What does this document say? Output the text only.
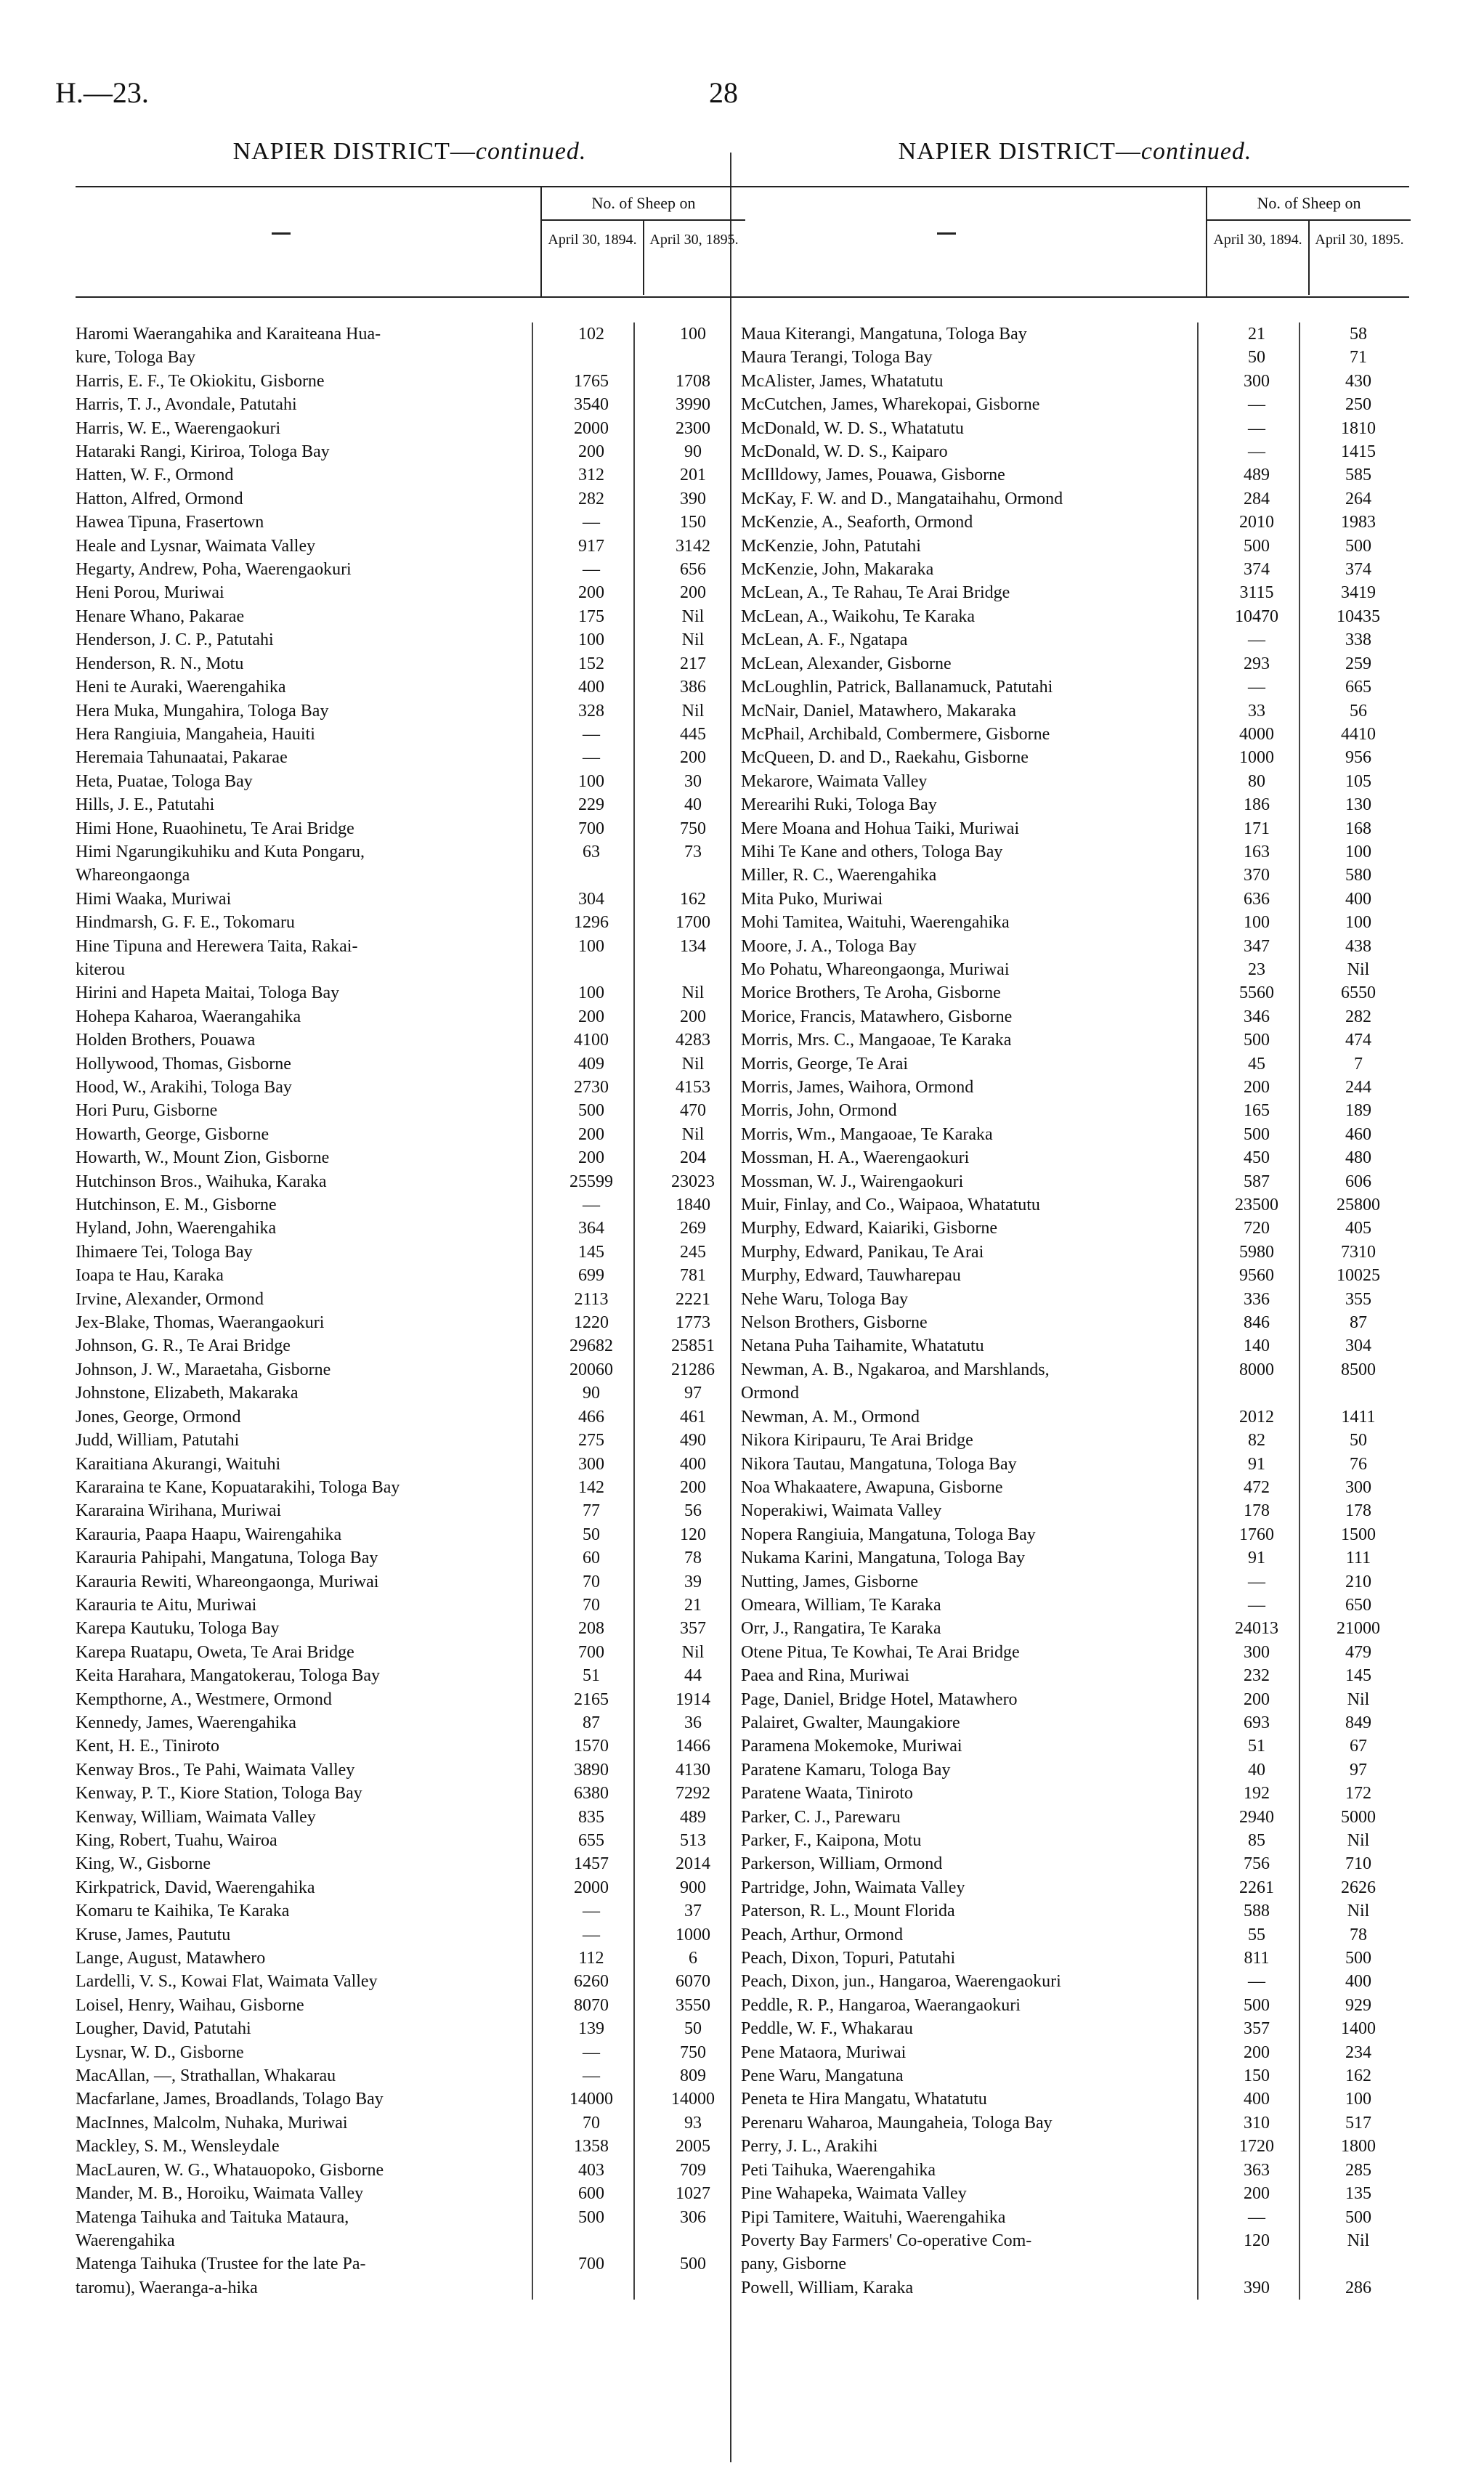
H.—23.	28
NAPIER DISTRICT—continued.
No. of Sheep on
April 30, 1894. April 30, 1895.
Haromi Waerangahika and Karaiteana Hua-	102	100
kure, Tologa Bay
Harris, E. F., Te Okiokitu, Gisborne	1765	1708
Harris, T. J., Avondale, Patutahi	3540	3990
Harris, W. E., Waerengaokuri	2000	2300
Hataraki Rangi, Kiriroa, Tologa Bay	200	90
Hatten, W. F., Ormond	312	201
Hatton, Alfred, Ormond	282	390
Hawea Tipuna, Frasertown	—	150
Heale and Lysnar, Waimata Valley	917	3142
Hegarty, Andrew, Poha, Waerengaokuri	—	656
Heni Porou, Muriwai	200	200
Henare Whano, Pakarae	175	Nil
Henderson, J. C. P., Patutahi	100	Nil
Henderson, R. N., Motu	152	217
Heni te Auraki, Waerengahika	400	386
Hera Muka, Mungahira, Tologa Bay	328	Nil
Hera Rangiuia, Mangaheia, Hauiti	—	445
Heremaia Tahunaatai, Pakarae	—	200
Heta, Puatae, Tologa Bay	100	30
Hills, J. E., Patutahi	229	40
Himi Hone, Ruaohinetu, Te Arai Bridge	700	750
Himi Ngarungikuhiku and Kuta Pongaru,	63	73
Whareongaonga
Himi Waaka, Muriwai	304	162
Hindmarsh, G. F. E., Tokomaru	1296	1700
Hine Tipuna and Herewera Taita, Rakai-	100	134
kiterou
Hirini and Hapeta Maitai, Tologa Bay	100	Nil
Hohepa Kaharoa, Waerangahika	200	200
Holden Brothers, Pouawa	4100	4283
Hollywood, Thomas, Gisborne	409	Nil
Hood, W., Arakihi, Tologa Bay	2730	4153
Hori Puru, Gisborne	500	470
Howarth, George, Gisborne	200	Nil
Howarth, W., Mount Zion, Gisborne	200	204
Hutchinson Bros., Waihuka, Karaka	25599	23023
Hutchinson, E. M., Gisborne	—	1840
Hyland, John, Waerengahika	364	269
Ihimaere Tei, Tologa Bay	145	245
Ioapa te Hau, Karaka	699	781
Irvine, Alexander, Ormond	2113	2221
Jex-Blake, Thomas, Waerangaokuri	1220	1773
Johnson, G. R., Te Arai Bridge	29682	25851
Johnson, J. W., Maraetaha, Gisborne	20060	21286
Johnstone, Elizabeth, Makaraka	90	97
Jones, George, Ormond	466	461
Judd, William, Patutahi	275	490
Karaitiana Akurangi, Waituhi	300	400
Kararaina te Kane, Kopuatarakihi, Tologa Bay	142	200
Kararaina Wirihana, Muriwai	77	56
Karauria, Paapa Haapu, Wairengahika	50	120
Karauria Pahipahi, Mangatuna, Tologa Bay	60	78
Karauria Rewiti, Whareongaonga, Muriwai	70	39
Karauria te Aitu, Muriwai	70	21
Karepa Kautuku, Tologa Bay	208	357
Karepa Ruatapu, Oweta, Te Arai Bridge	700	Nil
Keita Harahara, Mangatokerau, Tologa Bay	51	44
Kempthorne, A., Westmere, Ormond	2165	1914
Kennedy, James, Waerengahika	87	36
Kent, H. E., Tiniroto	1570	1466
Kenway Bros., Te Pahi, Waimata Valley	3890	4130
Kenway, P. T., Kiore Station, Tologa Bay	6380	7292
Kenway, William, Waimata Valley	835	489
King, Robert, Tuahu, Wairoa	655	513
King, W., Gisborne	1457	2014
Kirkpatrick, David, Waerengahika	2000	900
Komaru te Kaihika, Te Karaka	—	37
Kruse, James, Paututu	—	1000
Lange, August, Matawhero	112	6
Lardelli, V. S., Kowai Flat, Waimata Valley	6260	6070
Loisel, Henry, Waihau, Gisborne	8070	3550
Lougher, David, Patutahi	139	50
Lysnar, W. D., Gisborne	—	750
MacAllan, —, Strathallan, Whakarau	—	809
Macfarlane, James, Broadlands, Tolago Bay	14000	14000
MacInnes, Malcolm, Nuhaka, Muriwai	70	93
Mackley, S. M., Wensleydale	1358	2005
MacLauren, W. G., Whatauopoko, Gisborne	403	709
Mander, M. B., Horoiku, Waimata Valley	600	1027
Matenga Taihuka and Taituka Mataura,	500	306
Waerengahika
Matenga Taihuka (Trustee for the late Pa-	700	500
taromu), Waeranga-a-hika
NAPIER DISTRICT—continued.
No. of Sheep on
April 30, 1894. April 30, 1895.
Maua Kiterangi, Mangatuna, Tologa Bay	21	58
Maura Terangi, Tologa Bay	50	71
McAlister, James, Whatatutu	300	430
McCutchen, James, Wharekopai, Gisborne	—	250
McDonald, W. D. S., Whatatutu	—	1810
McDonald, W. D. S., Kaiparo	—	1415
McIlldowy, James, Pouawa, Gisborne	489	585
McKay, F. W. and D., Mangataihahu, Ormond	284	264
McKenzie, A., Seaforth, Ormond	2010	1983
McKenzie, John, Patutahi	500	500
McKenzie, John, Makaraka	374	374
McLean, A., Te Rahau, Te Arai Bridge	3115	3419
McLean, A., Waikohu, Te Karaka	10470	10435
McLean, A. F., Ngatapa	—	338
McLean, Alexander, Gisborne	293	259
McLoughlin, Patrick, Ballanamuck, Patutahi	—	665
McNair, Daniel, Matawhero, Makaraka	33	56
McPhail, Archibald, Combermere, Gisborne	4000	4410
McQueen, D. and D., Raekahu, Gisborne	1000	956
Mekarore, Waimata Valley	80	105
Merearihi Ruki, Tologa Bay	186	130
Mere Moana and Hohua Taiki, Muriwai	171	168
Mihi Te Kane and others, Tologa Bay	163	100
Miller, R. C., Waerengahika	370	580
Mita Puko, Muriwai	636	400
Mohi Tamitea, Waituhi, Waerengahika	100	100
Moore, J. A., Tologa Bay	347	438
Mo Pohatu, Whareongaonga, Muriwai	23	Nil
Morice Brothers, Te Aroha, Gisborne	5560	6550
Morice, Francis, Matawhero, Gisborne	346	282
Morris, Mrs. C., Mangaoae, Te Karaka	500	474
Morris, George, Te Arai	45	7
Morris, James, Waihora, Ormond	200	244
Morris, John, Ormond	165	189
Morris, Wm., Mangaoae, Te Karaka	500	460
Mossman, H. A., Waerengaokuri	450	480
Mossman, W. J., Wairengaokuri	587	606
Muir, Finlay, and Co., Waipaoa, Whatatutu	23500	25800
Murphy, Edward, Kaiariki, Gisborne	720	405
Murphy, Edward, Panikau, Te Arai	5980	7310
Murphy, Edward, Tauwharepau	9560	10025
Nehe Waru, Tologa Bay	336	355
Nelson Brothers, Gisborne	846	87
Netana Puha Taihamite, Whatatutu	140	304
Newman, A. B., Ngakaroa, and Marshlands,	8000	8500
Ormond
Newman, A. M., Ormond	2012	1411
Nikora Kiripauru, Te Arai Bridge	82	50
Nikora Tautau, Mangatuna, Tologa Bay	91	76
Noa Whakaatere, Awapuna, Gisborne	472	300
Noperakiwi, Waimata Valley	178	178
Nopera Rangiuia, Mangatuna, Tologa Bay	1760	1500
Nukama Karini, Mangatuna, Tologa Bay	91	111
Nutting, James, Gisborne	—	210
Omeara, William, Te Karaka	—	650
Orr, J., Rangatira, Te Karaka	24013	21000
Otene Pitua, Te Kowhai, Te Arai Bridge	300	479
Paea and Rina, Muriwai	232	145
Page, Daniel, Bridge Hotel, Matawhero	200	Nil
Palairet, Gwalter, Maungakiore	693	849
Paramena Mokemoke, Muriwai	51	67
Paratene Kamaru, Tologa Bay	40	97
Paratene Waata, Tiniroto	192	172
Parker, C. J., Parewaru	2940	5000
Parker, F., Kaipona, Motu	85	Nil
Parkerson, William, Ormond	756	710
Partridge, John, Waimata Valley	2261	2626
Paterson, R. L., Mount Florida	588	Nil
Peach, Arthur, Ormond	55	78
Peach, Dixon, Topuri, Patutahi	811	500
Peach, Dixon, jun., Hangaroa, Waerengaokuri	—	400
Peddle, R. P., Hangaroa, Waerangaokuri	500	929
Peddle, W. F., Whakarau	357	1400
Pene Mataora, Muriwai	200	234
Pene Waru, Mangatuna	150	162
Peneta te Hira Mangatu, Whatatutu	400	100
Perenaru Waharoa, Maungaheia, Tologa Bay	310	517
Perry, J. L., Arakihi	1720	1800
Peti Taihuka, Waerengahika	363	285
Pine Wahapeka, Waimata Valley	200	135
Pipi Tamitere, Waituhi, Waerengahika	—	500
Poverty Bay Farmers' Co-operative Com-	120	Nil
pany, Gisborne
Powell, William, Karaka	390	286
